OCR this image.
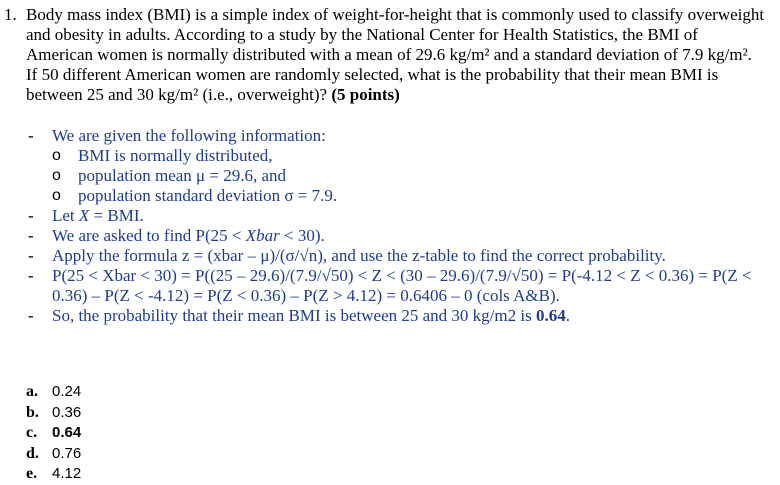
1. Body mass index (BMI) is a simple index of weight-for-height that is commonly used to classify overweight and obesity in adults. According to a study by the National Center for Health Statistics, the BMI of American women is normally distributed with a mean of 29.6 kg/m² and a standard deviation of 7.9 kg/m². If 50 different American women are randomly selected, what is the probability that their mean BMI is between 25 and 30 kg/m² (i.e., overweight)? (5 points)
- We are given the following information:
o BMI is normally distributed,
o population mean μ = 29.6, and
o population standard deviation σ = 7.9.
- Let X = BMI.
- We are asked to find P(25 < Xbar < 30).
- Apply the formula z = (xbar – μ)/(σ/√n), and use the z-table to find the correct probability.
- P(25 < Xbar < 30) = P((25 – 29.6)/(7.9/√50) < Z < (30 – 29.6)/(7.9/√50) = P(-4.12 < Z < 0.36) = P(Z < 0.36) – P(Z < -4.12) = P(Z < 0.36) – P(Z > 4.12) = 0.6406 – 0 (cols A&B).
- So, the probability that their mean BMI is between 25 and 30 kg/m2 is 0.64.
a. 0.24
b. 0.36
c. 0.64
d. 0.76
e. 4.12
